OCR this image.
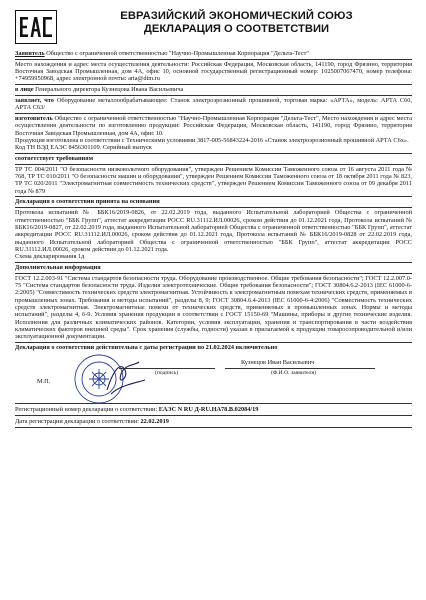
ЕВРАЗИЙСКИЙ ЭКОНОМИЧЕСКИЙ СОЮЗ
ДЕКЛАРАЦИЯ О СООТВЕТСТВИИ

Заявитель Общество с ограниченной ответственностью "Научно-Промышленная Корпорация "Дельта-Тест"

Место нахождения и адрес места осуществления деятельности: Российская Федерация, Московская область, 141190, город Фрязино, территория Восточная Заводская Промышленная, дом 4А, офис 10, основной государственный регистрационный номер: 1025007067470, номер телефона: +74959950968, адрес электронной почты: arta@dtm.ru

в лице Генерального директора Кузнецова Ивана Васильевича

заявляет, что Оборудование металлообрабатывающее: Станок электроэрозионный прошивной, торговая марка: «АРТА», модель: АРТА С60, АРТА С63/

изготовитель Общество с ограниченной ответственностью "Научно-Промышленная Корпорация "Дельта-Тест", Место нахождения и адрес места осуществления деятельности по изготовлению продукции: Российская Федерация, Московская область, 141190, город Фрязино, территория Восточная Заводская Промышленная, дом 4А, офис 10.

Продукция изготовлена в соответствии с Техническими условиями 3817-005-56843224-2016 «Станок электроэрозионный прошивной АРТА С6х».

Код ТН ВЭД ЕАЭС 8456301109. Серийный выпуск

соответствует требованиям

ТР ТС 004/2011 "О безопасности низковольтного оборудования", утвержден Решением Комиссии Таможенного союза от 16 августа 2011 года № 768, ТР ТС 010/2011 "О безопасности машин и оборудования", утвержден Решением Комиссии Таможенного союза от 18 октября 2011 года № 823, ТР ТС 020/2011 "Электромагнитная совместимость технических средств", утвержден Решением Комиссии Таможенного союза от 09 декабря 2011 года № 879

Декларация о соответствии принята на основании

Протокола испытаний № ББК16/2019-0826, от 22.02.2019 года, выданного Испытательной лабораторией Общества с ограниченной ответственностью "ББК Групп", аттестат аккредитации РОСС RU.31112.ИЛ.00026, сроком действия до 01.12.2021 года, Протокола испытаний № ББК16/2019-0827, от 22.02.2019 года, выданного Испытательной лабораторией Общества с ограниченной ответственностью "ББК Групп", аттестат аккредитации РОСС RU.31112.ИЛ.00026, сроком действия до 01.12.2021 года, Протокола испытаний № ББК16/2019-0828 от 22.02.2019 года, выданного Испытательной лабораторией Общества с ограниченной ответственностью "ББК Групп", аттестат аккредитации РОСС RU.31112.ИЛ.00026, сроком действия до 01.12.2021 года.

Схема декларирования 1д

Дополнительная информация

ГОСТ 12.2.003-91 "Система стандартов безопасности труда. Оборудование производственное. Общие требования безопасности"; ГОСТ 12.2.007.0-75 "Система стандартов безопасности труда. Изделия электротехнические. Общие требования безопасности"; ГОСТ 30804.6.2-2013 (IEC 61000-6-2:2005) "Совместимость технических средств электромагнитная. Устойчивость к электромагнитным помехам технических средств, применяемых в промышленных зонах. Требования и методы испытаний", разделы 8, 9; ГОСТ 30804.6.4-2013 (IEC 61000-6-4:2006) "Совместимость технических средств электромагнитная. Электромагнитные помехи от технических средств, применяемых в промышленных зонах. Нормы и методы испытаний", разделы 4, 6-9. Условия хранения продукции в соответствии с ГОСТ 15150-69 "Машины, приборы и другие технические изделия. Исполнения для различных климатических районов. Категории, условия эксплуатации, хранения и транспортирования в части воздействия климатических факторов внешней среды". Срок хранения (службы, годности) указан в прилагаемой к продукции товаросопроводительной и/или эксплуатационной документации.

Декларация о соответствии действительна с даты регистрации по 21.02.2024 включительно

Кузнецов Иван Васильевич
(подпись)	(Ф.И.О. заявителя)
М.П.

Регистрационный номер декларации о соответствии: ЕАЭС N RU Д-RU.НА78.В.02084/19

Дата регистрации декларации о соответствии: 22.02.2019
